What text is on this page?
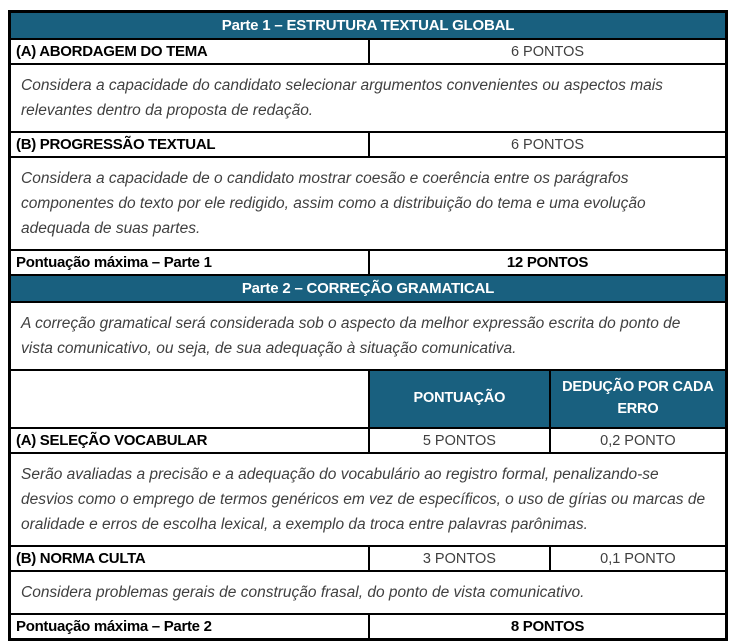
Parte 1 – ESTRUTURA TEXTUAL GLOBAL		
(A) ABORDAGEM DO TEMA	6 PONTOS	
Considera a capacidade do candidato selecionar argumentos convenientes ou aspectos mais relevantes dentro da proposta de redação.		
(B) PROGRESSÃO TEXTUAL	6 PONTOS	
Considera a capacidade de o candidato mostrar coesão e coerência entre os parágrafos componentes do texto por ele redigido, assim como a distribuição do tema e uma evolução adequada de suas partes.		
Pontuação máxima – Parte 1	12 PONTOS	
Parte 2 – CORREÇÃO GRAMATICAL		
A correção gramatical será considerada sob o aspecto da melhor expressão escrita do ponto de vista comunicativo, ou seja, de sua adequação à situação comunicativa.		
	PONTUAÇÃO	DEDUÇÃO POR CADA ERRO
(A) SELEÇÃO VOCABULAR	5 PONTOS	0,2 PONTO
Serão avaliadas a precisão e a adequação do vocabulário ao registro formal, penalizando-se desvios como o emprego de termos genéricos em vez de específicos, o uso de gírias ou marcas de oralidade e erros de escolha lexical, a exemplo da troca entre palavras parônimas.		
(B) NORMA CULTA	3 PONTOS	0,1 PONTO
Considera problemas gerais de construção frasal, do ponto de vista comunicativo.		
Pontuação máxima – Parte 2	8 PONTOS	
